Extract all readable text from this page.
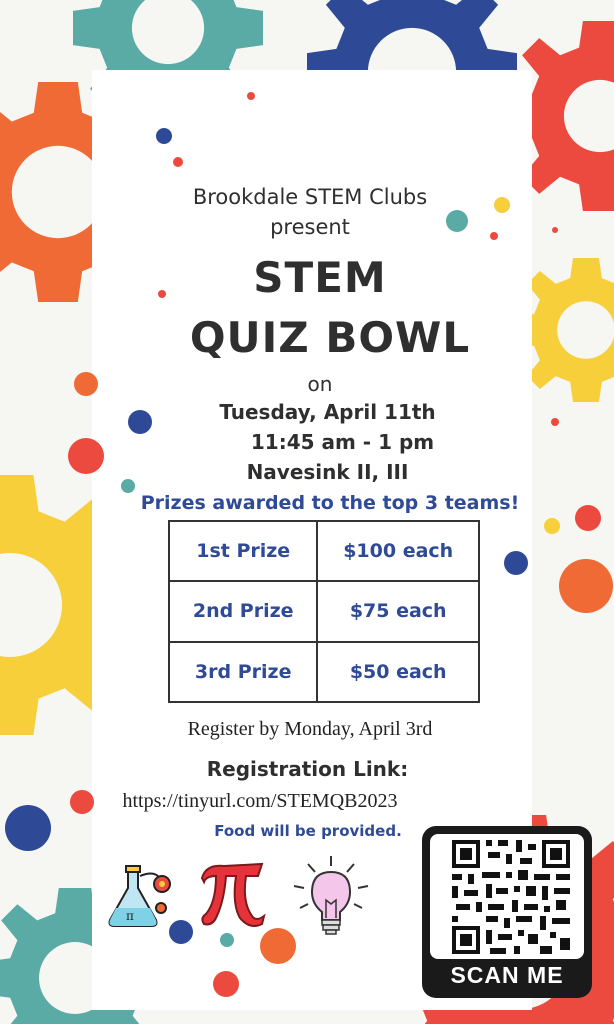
Brookdale STEM Clubs
present
STEM
QUIZ BOWL
on
Tuesday, April 11th
11:45 am - 1 pm
Navesink II, III
Prizes awarded to the top 3 teams!
1st Prize	$100 each
2nd Prize	$75 each
3rd Prize	$50 each
Register by Monday, April 3rd
Registration Link:
https://tinyurl.com/STEMQB2023
Food will be provided.
π
SCAN ME
